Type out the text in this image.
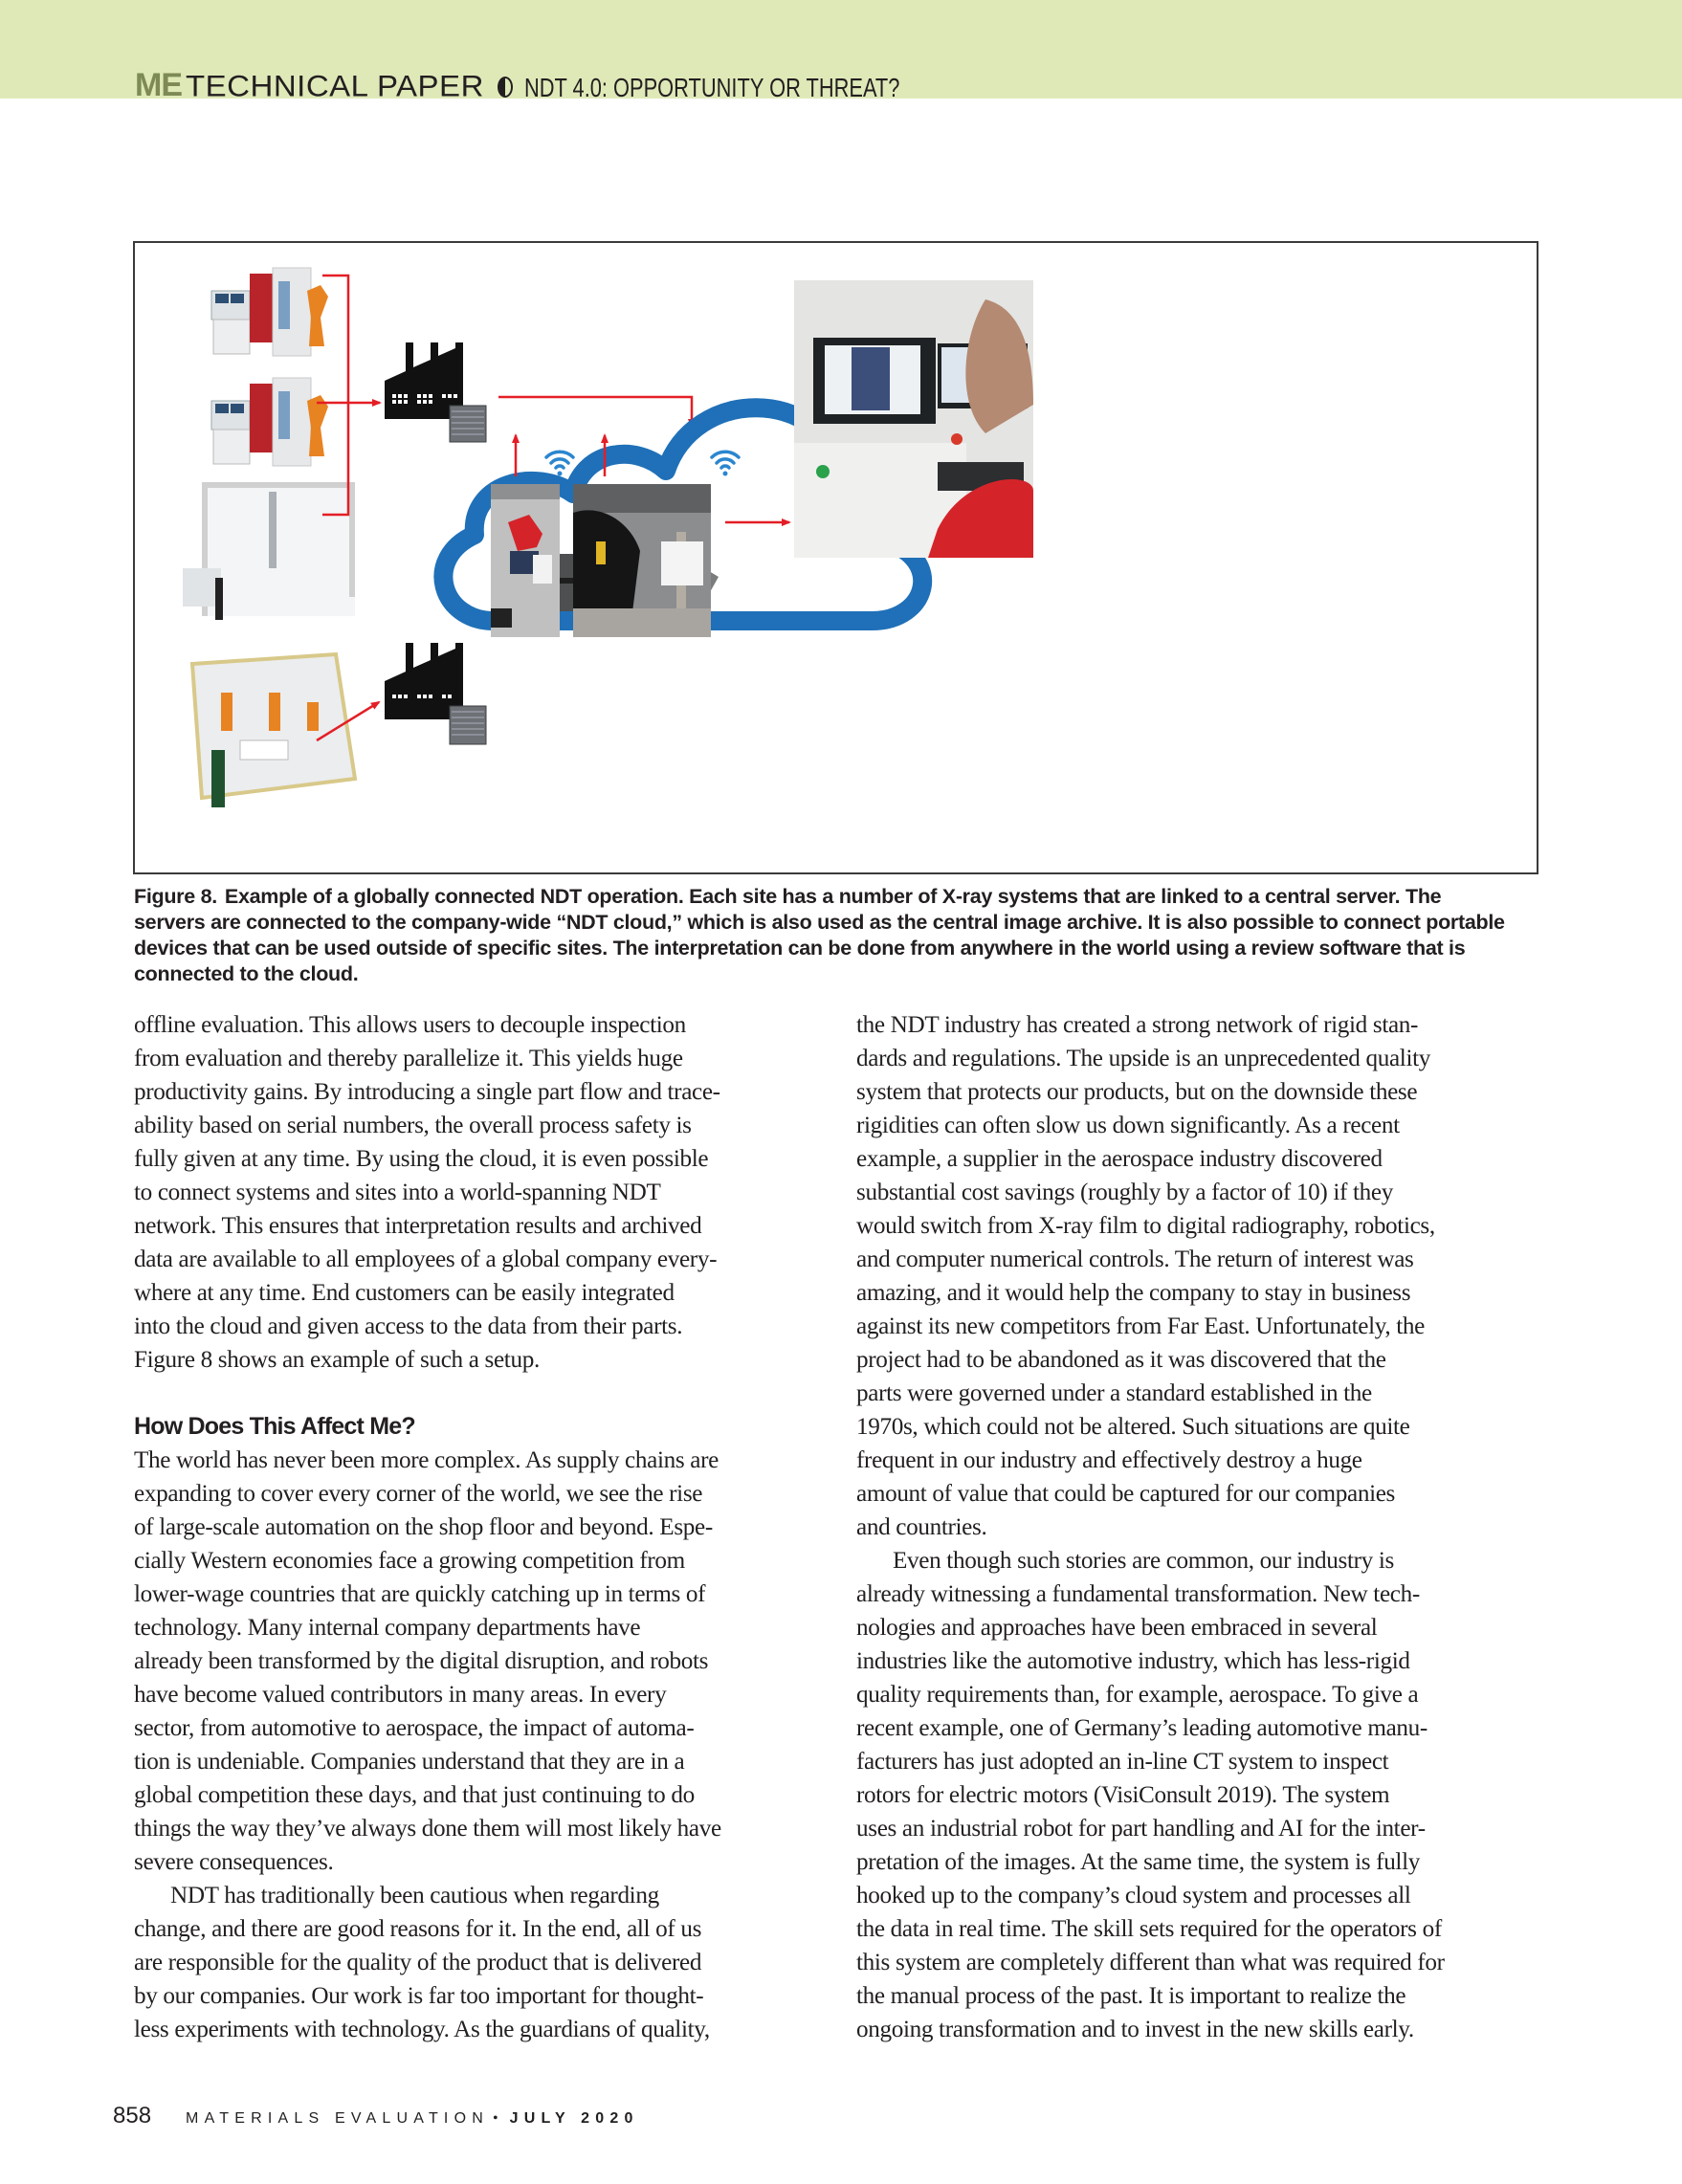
ME TECHNICAL PAPER NDT 4.0: OPPORTUNITY OR THREAT?
Figure 8. Example of a globally connected NDT operation. Each site has a number of X-ray systems that are linked to a central server. The
servers are connected to the company-wide “NDT cloud,” which is also used as the central image archive. It is also possible to connect portable
devices that can be used outside of specific sites. The interpretation can be done from anywhere in the world using a review software that is
connected to the cloud.

offline evaluation. This allows users to decouple inspection
from evaluation and thereby parallelize it. This yields huge
productivity gains. By introducing a single part flow and trace-
ability based on serial numbers, the overall process safety is
fully given at any time. By using the cloud, it is even possible
to connect systems and sites into a world-spanning NDT
network. This ensures that interpretation results and archived
data are available to all employees of a global company every-
where at any time. End customers can be easily integrated
into the cloud and given access to the data from their parts.
Figure 8 shows an example of such a setup.

How Does This Affect Me?

The world has never been more complex. As supply chains are
expanding to cover every corner of the world, we see the rise
of large-scale automation on the shop floor and beyond. Espe-
cially Western economies face a growing competition from
lower-wage countries that are quickly catching up in terms of
technology. Many internal company departments have
already been transformed by the digital disruption, and robots
have become valued contributors in many areas. In every
sector, from automotive to aerospace, the impact of automa-
tion is undeniable. Companies understand that they are in a
global competition these days, and that just continuing to do
things the way they’ve always done them will most likely have
severe consequences.

NDT has traditionally been cautious when regarding
change, and there are good reasons for it. In the end, all of us
are responsible for the quality of the product that is delivered
by our companies. Our work is far too important for thought-
less experiments with technology. As the guardians of quality,

the NDT industry has created a strong network of rigid stan-
dards and regulations. The upside is an unprecedented quality
system that protects our products, but on the downside these
rigidities can often slow us down significantly. As a recent
example, a supplier in the aerospace industry discovered
substantial cost savings (roughly by a factor of 10) if they
would switch from X-ray film to digital radiography, robotics,
and computer numerical controls. The return of interest was
amazing, and it would help the company to stay in business
against its new competitors from Far East. Unfortunately, the
project had to be abandoned as it was discovered that the
parts were governed under a standard established in the
1970s, which could not be altered. Such situations are quite
frequent in our industry and effectively destroy a huge
amount of value that could be captured for our companies
and countries.

Even though such stories are common, our industry is
already witnessing a fundamental transformation. New tech-
nologies and approaches have been embraced in several
industries like the automotive industry, which has less-rigid
quality requirements than, for example, aerospace. To give a
recent example, one of Germany’s leading automotive manu-
facturers has just adopted an in-line CT system to inspect
rotors for electric motors (VisiConsult 2019). The system
uses an industrial robot for part handling and AI for the inter-
pretation of the images. At the same time, the system is fully
hooked up to the company’s cloud system and processes all
the data in real time. The skill sets required for the operators of
this system are completely different than what was required for
the manual process of the past. It is important to realize the
ongoing transformation and to invest in the new skills early.

858 MATERIALS EVALUATION • JULY 2020
